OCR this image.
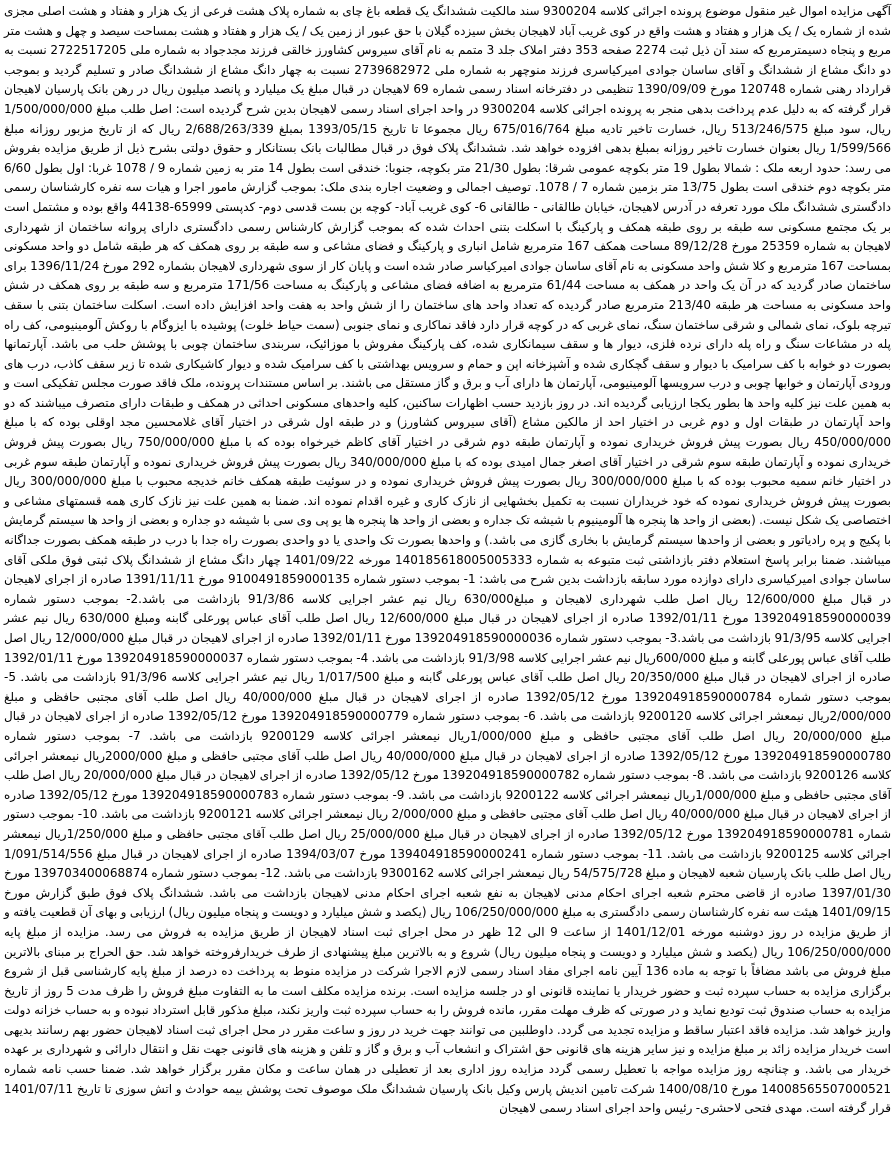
آگهی مزایده اموال غیر منقول موضوع پرونده اجرائی کلاسه 9300204 سند مالکیت ششدانگ یک قطعه باغ چای به شماره پلاک هشت فرعی از یک هزار و هفتاد و هشت اصلی مجزی شده از شماره یک / یک هزار و هفتاد و هشت واقع در کوی غریب آباد لاهیجان بخش سیزده گیلان با حق عبور از زمین یک / یک هزار و هفتاد و هشت بمساحت سیصد و چهل و هشت متر مربع و پنجاه دسیمترمربع که سند آن ذیل ثبت 2274 صفحه 353 دفتر املاک جلد 3 متمم به نام آقای سیروس کشاورز خالقی فرزند مجدجواد به شماره ملی 2722517205 نسبت به دو دانگ مشاع از ششدانگ و آقای ساسان جوادی امیرکیاسری فرزند منوچهر به شماره ملی 2739682972 نسبت به چهار دانگ مشاع از ششدانگ صادر و تسلیم گردید و بموجب قرارداد رهنی شماره 120748 مورخ 1390/09/09 تنظیمی در دفترخانه اسناد رسمی شماره 69 لاهیجان در قبال مبلغ یک میلیارد و پانصد میلیون ریال در رهن بانک پارسیان لاهیجان قرار گرفته که به دلیل عدم پرداخت بدهی منجر به پرونده اجرائی کلاسه 9300204 در واحد اجرای اسناد رسمی لاهیجان بدین شرح گردیده است: اصل طلب مبلغ 1/500/000/000 ریال، سود مبلغ 513/246/575 ریال، خسارت تاخیر تادیه مبلغ 675/016/764 ریال مجموعا تا تاریخ 1393/05/15 بمبلغ 2/688/263/339 ریال که از تاریخ مزبور روزانه مبلغ 1/599/566 ریال بعنوان خسارت تاخیر روزانه بمبلغ بدهی افزوده خواهد شد. ششدانگ پلاک فوق در قبال مطالبات بانک بستانکار و حقوق دولتی بشرح ذیل از طریق مزایده بفروش می رسد: حدود اربعه ملک : شمالا بطول 19 متر بکوچه عمومی شرقا: بطول 21/30 متر بکوچه، جنوبا: خندقی است بطول 14 متر به زمین شماره 9 / 1078 غربا: اول بطول 6/60 متر بکوچه دوم خندقی است بطول 13/75 متر بزمین شماره 7 / 1078. توصیف اجمالی و وضعیت اجاره بندی ملک: بموجب گزارش مامور اجرا و هیات سه نفره کارشناسان رسمی دادگستری ششدانگ ملک مورد تعرفه در آدرس لاهیجان، خیابان طالقانی - طالقانی 6- کوی غریب آباد- کوچه بن بست قدسی دوم- کدپستی 65999-44138 واقع بوده و مشتمل است بر یک مجتمع مسکونی سه طبقه بر روی طبقه همکف و پارکینگ با اسکلت بتنی احداث شده که بموجب گزارش کارشناس رسمی دادگستری دارای پروانه ساختمان از شهرداری لاهیجان به شماره 25359 مورخ 89/12/28 مساحت همکف 167 مترمربع شامل انباری و پارکینگ و فضای مشاعی و سه طبقه بر روی همکف که هر طبقه شامل دو واحد مسکونی بمساحت 167 مترمربع و کلا شش واحد مسکونی به نام آقای ساسان جوادی امیرکیاسر صادر شده است و پایان کار از سوی شهرداری لاهیجان بشماره 292 مورخ 1396/11/24 برای ساختمان صادر گردید که در آن یک واحد در همکف به مساحت 61/44 مترمربع به اضافه فضای مشاعی و پارکینگ به مساحت 171/56 مترمربع و سه طبقه بر روی همکف در شش واحد مسکونی به مساحت هر طبقه 213/40 مترمربع صادر گردیده که تعداد واحد های ساختمان را از شش واحد به هفت واحد افزایش داده است. اسکلت ساختمان بتنی با سقف تیرچه بلوک، نمای شمالی و شرقی ساختمان سنگ، نمای غربی که در کوچه قرار دارد فاقد نماکاری و نمای جنوبی (سمت حیاط خلوت) پوشیده با ایزوگام با روکش آلومینیومی، کف راه پله در مشاعات سنگ و راه پله دارای نرده فلزی، دیوار ها و سقف سیمانکاری شده، کف پارکینگ مفروش با موزائیک، سربندی ساختمان چوبی با پوشش حلب می باشد. آپارتمانها بصورت دو خوابه با کف سرامیک با دیوار و سقف گچکاری شده و آشپزخانه اپن و حمام و سرویس بهداشتی با کف سرامیک شده و دیوار کاشیکاری شده تا زیر سقف کاذب، درب های ورودی آپارتمان و خوابها چوبی و درب سرویسها آلومینیومی، آپارتمان ها دارای آب و برق و گاز مستقل می باشند. بر اساس مستندات پرونده، ملک فاقد صورت مجلس تفکیکی است و به همین علت نیز کلیه واحد ها بطور یکجا ارزیابی گردیده اند. در روز بازدید حسب اظهارات ساکنین، کلیه واحدهای مسکونی احداثی در همکف و طبقات دارای متصرف میباشند که دو واحد آپارتمان در طبقات اول و دوم غربی در اختیار احد از مالکین مشاع (آقای سیروس کشاورز) و در طبقه اول شرقی در اختیار آقای غلامحسین مجد اوقلی بوده که با مبلغ 450/000/000 ریال بصورت پیش فروش خریداری نموده و آپارتمان طبقه دوم شرقی در اختیار آقای کاظم خیرخواه بوده که با مبلغ 750/000/000 ریال بصورت پیش فروش خریداری نموده و آپارتمان طبقه سوم شرقی در اختیار آقای اصغر جمال امیدی بوده که با مبلغ 340/000/000 ریال بصورت پیش فروش خریداری نموده و آپارتمان طبقه سوم غربی در اختیار خانم سمیه محبوب بوده که با مبلغ 300/000/000 ریال بصورت پیش فروش خریداری نموده و در سوئیت طبقه همکف خانم خدیجه محبوب با مبلغ 300/000/000 ریال بصورت پیش فروش خریداری نموده که خود خریداران نسبت به تکمیل بخشهایی از نازک کاری و غیره اقدام نموده اند. ضمنا به همین علت نیز نازک کاری همه قسمتهای مشاعی و اختصاصی یک شکل نیست. (بعضی از واحد ها پنجره ها آلومینیوم با شیشه تک جداره و بعضی از واحد ها پنجره ها یو پی وی سی با شیشه دو جداره و بعضی از واحد ها سیستم گرمایش با پکیج و پره رادیاتور و بعضی از واحدها سیستم گرمایش با بخاری گازی می باشد.) و واحدها بصورت تک واحدی یا دو واحدی بصورت راه جدا با درب در طبقه همکف بصورت جداگانه میباشند. ضمنا برابر پاسخ استعلام دفتر بازداشتی ثبت متبوعه به شماره 140185618005005333 مورخه 1401/09/22 چهار دانگ مشاع از ششدانگ پلاک ثبتی فوق ملکی آقای ساسان جوادی امیرکیاسری دارای دوازده مورد سابقه بازداشت بدین شرح می باشد: 1- بموجب دستور شماره 9100491859000135 مورخ 1391/11/11 صادره از اجرای لاهیجان در قبال مبلغ 12/600/000 ریال اصل طلب شهرداری لاهیجان و مبلغ630/000 ریال نیم عشر اجرایی کلاسه 91/3/86 بازداشت می باشد.2- بموجب دستور شماره 139204918590000039 مورخ 1392/01/11 صادره از اجرای لاهیجان در قبال مبلغ 12/600/000 ریال اصل طلب آقای عباس پورعلی گابنه ومبلغ 630/000 ریال نیم عشر اجرایی کلاسه 91/3/95 بازداشت می باشد.3- بموجب دستور شماره 139204918590000036 مورخ 1392/01/11 صادره از اجرای لاهیجان در قبال مبلغ 12/000/000 ریال اصل طلب آقای عباس پورعلی گابنه و مبلغ 600/000ریال نیم عشر اجرایی کلاسه 91/3/98 بازداشت می باشد. 4- بموجب دستور شماره 139204918590000037 مورخ 1392/01/11 صادره از اجرای لاهیجان در قبال مبلغ 20/350/000 ریال اصل طلب آقای عباس پورعلی گابنه و مبلغ 1/017/500 ریال نیم عشر اجرایی کلاسه 91/3/96 بازداشت می باشد. 5- بموجب دستور شماره 139204918590000784 مورخ 1392/05/12 صادره از اجرای لاهیجان در قبال مبلغ 40/000/000 ریال اصل طلب آقای مجتبی حافظی و مبلغ 2/000/000ریال نیمعشر اجرائی کلاسه 9200120 بازداشت می باشد. 6- بموجب دستور شماره 139204918590000779 مورخ 1392/05/12 صادره از اجرای لاهیجان در قبال مبلغ 20/000/000 ریال اصل طلب آقای مجتبی حافظی و مبلغ 1/000/000ریال نیمعشر اجرائی کلاسه 9200129 بازداشت می باشد. 7- بموجب دستور شماره 139204918590000780 مورخ 1392/05/12 صادره از اجرای لاهیجان در قبال مبلغ 40/000/000 ریال اصل طلب آقای مجتبی حافظی و مبلغ 2000/000ریال نیمعشر اجرائی کلاسه 9200126 بازداشت می باشد. 8- بموجب دستور شماره 139204918590000782 مورخ 1392/05/12 صادره از اجرای لاهیجان در قبال مبلغ 20/000/000 ریال اصل طلب آقای مجتبی حافظی و مبلغ 1/000/000ریال نیمعشر اجرائی کلاسه 9200122 بازداشت می باشد. 9- بموجب دستور شماره 139204918590000783 مورخ 1392/05/12 صادره از اجرای لاهیجان در قبال مبلغ 40/000/000 ریال اصل طلب آقای مجتبی حافظی و مبلغ 2/000/000 ریال نیمعشر اجرائی کلاسه 9200121 بازداشت می باشد. 10- بموجب دستور شماره 139204918590000781 مورخ 1392/05/12 صادره از اجرای لاهیجان در قبال مبلغ 25/000/000 ریال اصل طلب آقای مجتبی حافظی و مبلغ 1/250/000ریال نیمعشر اجرائی کلاسه 9200125 بازداشت می باشد. 11- بموجب دستور شماره 139404918590000241 مورخ 1394/03/07 صادره از اجرای لاهیجان در قبال مبلغ 1/091/514/556 ریال اصل طلب بانک پارسیان شعبه لاهیجان و مبلغ 54/575/728 ریال نیمعشر اجرائی کلاسه 9300162 بازداشت می باشد. 12- بموجب دستور شماره 139703400068874 مورخ 1397/01/30 صادره از قاضی محترم شعبه اجرای احکام مدنی لاهیجان به نفع شعبه اجرای احکام مدنی لاهیجان بازداشت می باشد. ششدانگ پلاک فوق طبق گزارش مورخ 1401/09/15 هیئت سه نفره کارشناسان رسمی دادگستری به مبلغ 106/250/000/000 ریال (یکصد و شش میلیارد و دویست و پنجاه میلیون ریال) ارزیابی و بهای آن قطعیت یافته و از طریق مزایده در روز دوشنبه مورخه 1401/12/01 از ساعت 9 الی 12 ظهر در محل اجرای ثبت اسناد لاهیجان از طریق مزایده به فروش می رسد. مزایده از مبلغ پایه 106/250/000/000 ریال (یکصد و شش میلیارد و دویست و پنجاه میلیون ریال) شروع و به بالاترین مبلغ پیشنهادی از طرف خریدارفروخته خواهد شد. حق الحراج بر مبنای بالاترین مبلغ فروش می باشد مضافاً با توجه به ماده 136 آیین نامه اجرای مفاد اسناد رسمی لازم الاجرا شرکت در مزایده منوط به پرداخت ده درصد از مبلغ پایه کارشناسی قبل از شروع برگزاری مزایده به حساب سپرده ثبت و حضور خریدار یا نماینده قانونی او در جلسه مزایده است. برنده مزایده مکلف است ما به التفاوت مبلغ فروش را ظرف مدت 5 روز از تاریخ مزایده به حساب صندوق ثبت تودیع نماید و در صورتی که ظرف مهلت مقرر، مانده فروش را به حساب سپرده ثبت واریز نکند، مبلغ مذکور قابل استرداد نبوده و به حساب خزانه دولت واریز خواهد شد. مزایده فاقد اعتبار ساقط و مزایده تجدید می گردد. داوطلبین می توانند جهت خرید در روز و ساعت مقرر در محل اجرای ثبت اسناد لاهیجان حضور بهم رسانند بدیهی است خریدار مزایده زائد بر مبلغ مزایده و نیز سایر هزینه های قانونی حق اشتراک و انشعاب آب و برق و گاز و تلفن و هزینه های قانونی جهت نقل و انتقال دارائی و شهرداری بر عهده خریدار می باشد. و چنانچه روز مزایده مواجه با تعطیل رسمی گردد مزایده روز اداری بعد از تعطیلی در همان ساعت و مکان مقرر برگزار خواهد شد. ضمنا حسب نامه شماره 14008565507000521 مورخ 1400/08/10 شرکت تامین اندیش پارس وکیل بانک پارسیان ششدانگ ملک موصوف تحت پوشش بیمه حوادث و اتش سوزی تا تاریخ 1401/07/11 قرار گرفته است. مهدی فتحی لاحشری- رئیس واحد اجرای اسناد رسمی لاهیجان
